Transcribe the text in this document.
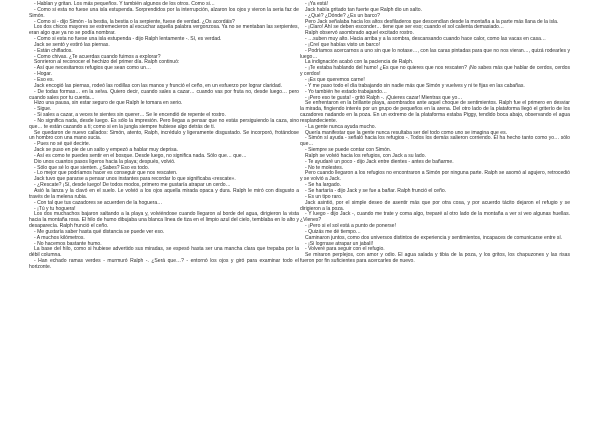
- Hablan y gritan. Los más pequeños. Y también algunos de los otros. Como si…

- Como si esta no fuese una isla estupenda. Sorprendidos por la interrupción, alzaron los ojos y vieron la seria faz de Simón.

- Como si - dijo Simón - la bestia, la bestia o la serpiente, fuese de verdad. ¿Os acordáis?

Los dos chicos mayores se estremecieron al escuchar aquella palabra vergonzosa. Ya no se mentaban las serpientes, eran algo que ya no se podía nombrar.

- Como si esta no fuese una isla estupenda - dijo Ralph lentamente -. Sí, es verdad.

Jack se sentó y estiró las piernas.

- Están chiflados.

- Como chivas. ¿Te acuerdas cuando fuimos a explorar?

Sonrieron al reconocer el hechizo del primer día. Ralph continuó:

- Así que necesitamos refugios que sean como un…

- Hogar.

- Eso es.

Jack encogió las piernas, rodeó las rodillas con las manos y frunció el ceño, en un esfuerzo por lograr claridad.

- De todas formas… en la selva. Quiero decir, cuando sales a cazar… cuando vas por fruta no, desde luego… pero cuando sales por tu cuenta…

Hizo una pausa, sin estar seguro de que Ralph le tomara en serio.

- Sigue.

- Si sales a cazar, a veces te sientes sin querer… Se le encendió de repente el rostro.

- No significa nada, desde luego. Es sólo la impresión. Pero llegas a pensar que no estás persiguiendo la caza, sino que… te están cazando a ti; como si en la jungla siempre hubiese algo detrás de ti.

Se quedaron de nuevo callados: Simón, atento, Ralph, incrédulo y ligeramente disgustado. Se incorporó, frotándose un hombro con una mano sucia.

- Pues no sé qué decirte.

Jack se puso en pie de un salto y empezó a hablar muy deprisa.

- Así es como te puedes sentir en el bosque. Desde luego, no significa nada. Sólo que… que…

Dio unos cuantos pasos ligeros hacia la playa; después, volvió.

- Sólo que sé lo que sienten. ¿Sabes? Eso es todo.

- Lo mejor que podríamos hacer es conseguir que nos rescaten.

Jack tuvo que pararse a pensar unos instantes para recordar lo que significaba «rescate».

- ¿Rescate? ¡Sí, desde luego! De todos modos, primero me gustaría atrapar un cerdo…

Asió la lanza y la clavó en el suelo. Le volvió a los ojos aquella mirada opaca y dura. Ralph le miró con disgusto a través de la melena rubia.

- Con tal que tus cazadores se acuerden de la hoguera…

- ¡Tú y tu hoguera!

Los dos muchachos bajaron saltando a la playa y, volviéndose cuando llegaron al borde del agua, dirigieron la vista hacia la montaña rosa. El hilo de humo dibujaba una blanca línea de tiza en el limpio azul del cielo, temblaba en lo alto y desaparecía. Ralph frunció el ceño.

- Me gustaría saber hasta qué distancia se puede ver eso.

- A muchos kilómetros.

- No hacemos bastante humo.

La base del hilo, como si hubiese advertido sus miradas, se espesó hasta ser una mancha clara que trepaba por la débil columna.

- Han echado ramas verdes - murmuró Ralph -. ¿Será que…? - entornó los ojos y giró para examinar todo el horizonte.

- ¡Ya está!

Jack había gritado tan fuerte que Ralph dio un salto.

- ¿Qué? ¿Dónde? ¿Es un barco?

Pero Jack señalaba hacia los altos desfiladeros que descendían desde la montaña a la parte más llana de la isla.

- ¡Claro! Ahí se deben esconder… tiene que ser eso; cuando el sol calienta demasiado…

Ralph observó asombrado aquel excitado rostro.

- …suben muy alto. Hacia arriba y a la sombra, descansando cuando hace calor, como las vacas en casa…

- ¡Creí que habías visto un barco!

- Podríamos acercarnos a uno sin que lo notase…, con las caras pintadas para que no nos vieran…, quizá rodearles y luego…

La indignación acabó con la paciencia de Ralph.

- ¡Te estaba hablando del humo! ¿Es que no quieres que nos rescaten? ¡No sabes más que hablar de cerdos, cerdos y cerdos!

- ¡Es que queremos carne!

- Y me paso todo el día trabajando sin nadie más que Simón y vuelves y ni te fijas en las cabañas.

- Yo también he estado trabajando…

- ¡Pero eso te gusta! - gritó Ralph -. ¡Quieres cazar! Mientras que yo…

Se enfrentaron en la brillante playa, asombrados ante aquel choque de sentimientos. Ralph fue el primero en desviar la mirada, fingiendo interés por un grupo de pequeños en la arena. Del otro lado de la plataforma llegó el griterío de los cazadores nadando en la poza. En un extremo de la plataforma estaba Piggy, tendido boca abajo, observando el agua resplandeciente.

- La gente nunca ayuda mucho.

Quería manifestar que la gente nunca resultaba ser del todo como uno se imagina que es.

- Simón sí ayuda - señaló hacia los refugios -. Todos los demás salieron corriendo. Él ha hecho tanto como yo… sólo que…

- Siempre se puede contar con Simón.

Ralph se volvió hacia los refugios, con Jack a su lado.

- Te ayudaré un poco - dijo Jack entre dientes - antes de bañarme.

- No te molestes.

Pero cuando llegaron a los refugios no encontraron a Simón por ninguna parte. Ralph se asomó al agujero, retrocedió y se volvió a Jack.

- Se ha largado.

- Se hartaría - dijo Jack y se fue a bañar. Ralph frunció el ceño.

- Es un tipo raro.

Jack asintió, por el simple deseo de asentir más que por otra cosa, y por acuerdo tácito dejaron el refugio y se dirigieron a la poza.

- Y luego - dijo Jack -, cuando me trate y coma algo, treparé al otro lado de la montaña a ver si veo algunas huellas. ¿Vienes?

- ¡Pero si el sol está a punto de ponerse!

- Quizás me dé tiempo…

Caminaron juntos, como dos universos distintos de experiencia y sentimientos, incapaces de comunicarse entre sí.

- ¡Si logrrase atrapar un jabalí!

- Volveré para seguir con el refugio.

Se miraron perplejos, con amor y odio. El agua salada y tibia de la poza, y los gritos, los chapuzones y las risas fueron por fin suficientes para acercarles de nuevo.
